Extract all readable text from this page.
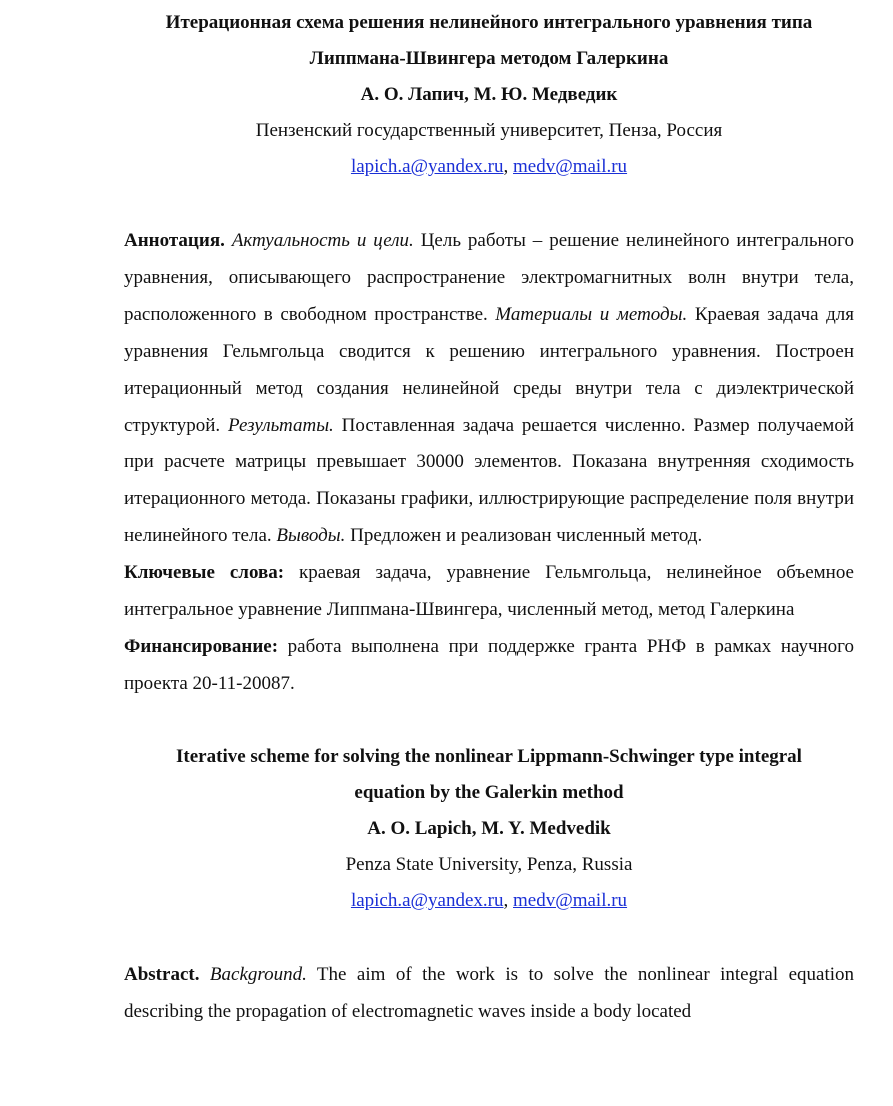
Итерационная схема решения нелинейного интегрального уравнения типа
Липпмана-Швингера методом Галеркина
А. О. Лапич, М. Ю. Медведик
Пензенский государственный университет, Пенза, Россия
lapich.a@yandex.ru, medv@mail.ru

Аннотация. Актуальность и цели. Цель работы – решение нелинейного интегрального уравнения, описывающего распространение электромагнитных волн внутри тела, расположенного в свободном пространстве. Материалы и методы. Краевая задача для уравнения Гельмгольца сводится к решению интегрального уравнения. Построен итерационный метод создания нелинейной среды внутри тела с диэлектрической структурой. Результаты. Поставленная задача решается численно. Размер получаемой при расчете матрицы превышает 30000 элементов. Показана внутренняя сходимость итерационного метода. Показаны графики, иллюстрирующие распределение поля внутри нелинейного тела. Выводы. Предложен и реализован численный метод.

Ключевые слова: краевая задача, уравнение Гельмгольца, нелинейное объемное интегральное уравнение Липпмана-Швингера, численный метод, метод Галеркина

Финансирование: работа выполнена при поддержке гранта РНФ в рамках научного проекта 20-11-20087.

Iterative scheme for solving the nonlinear Lippmann-Schwinger type integral
equation by the Galerkin method
A. O. Lapich, M. Y. Medvedik
Penza State University, Penza, Russia
lapich.a@yandex.ru, medv@mail.ru

Abstract. Background. The aim of the work is to solve the nonlinear integral equation describing the propagation of electromagnetic waves inside a body located
